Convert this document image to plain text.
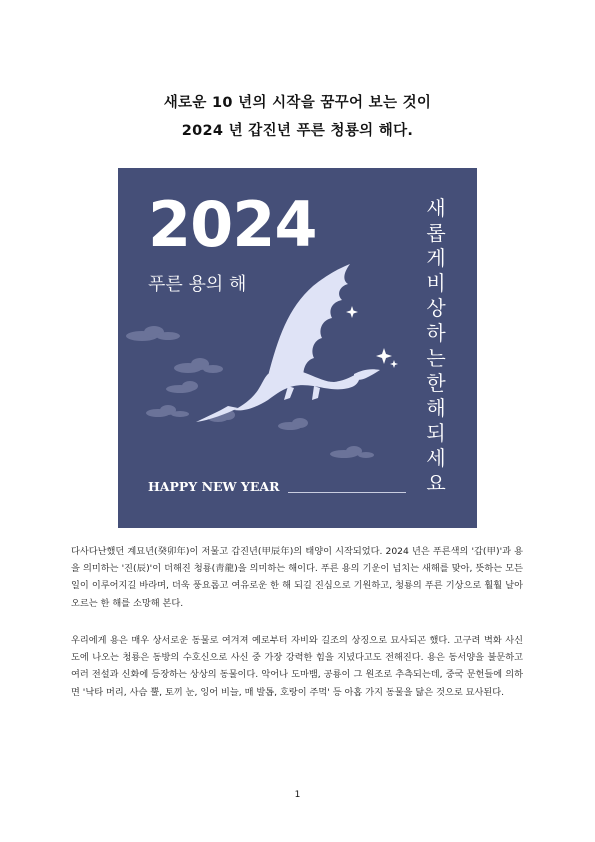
새로운 10 년의 시작을 꿈꾸어 보는 것이
2024 년 갑진년 푸른 청룡의 해다.
2024
푸른 용의 해
새롭게비상하는한해되세요
HAPPY NEW YEAR

다사다난했던 계묘년(癸卯年)이 저물고 갑진년(甲辰年)의 태양이 시작되었다. 2024 년은 푸른색의 '갑(甲)'과 용을 의미하는 '진(辰)'이 더해진 청룡(靑龍)을 의미하는 해이다. 푸른 용의 기운이 넘치는 새해를 맞아, 뜻하는 모든 일이 이루어지길 바라며, 더욱 풍요롭고 여유로운 한 해 되길 진심으로 기원하고, 청룡의 푸른 기상으로 훨훨 날아오르는 한 해를 소망해 본다.

우리에게 용은 매우 상서로운 동물로 여겨져 예로부터 자비와 길조의 상징으로 묘사되곤 했다. 고구려 벽화 사신도에 나오는 청룡은 동방의 수호신으로 사신 중 가장 강력한 힘을 지녔다고도 전해진다. 용은 동서양을 불문하고 여러 전설과 신화에 등장하는 상상의 동물이다. 악어나 도마뱀, 공룡이 그 원조로 추측되는데, 중국 문헌들에 의하면 '낙타 머리, 사슴 뿔, 토끼 눈, 잉어 비늘, 매 발톱, 호랑이 주먹' 등 아홉 가지 동물을 닮은 것으로 묘사된다.

1
